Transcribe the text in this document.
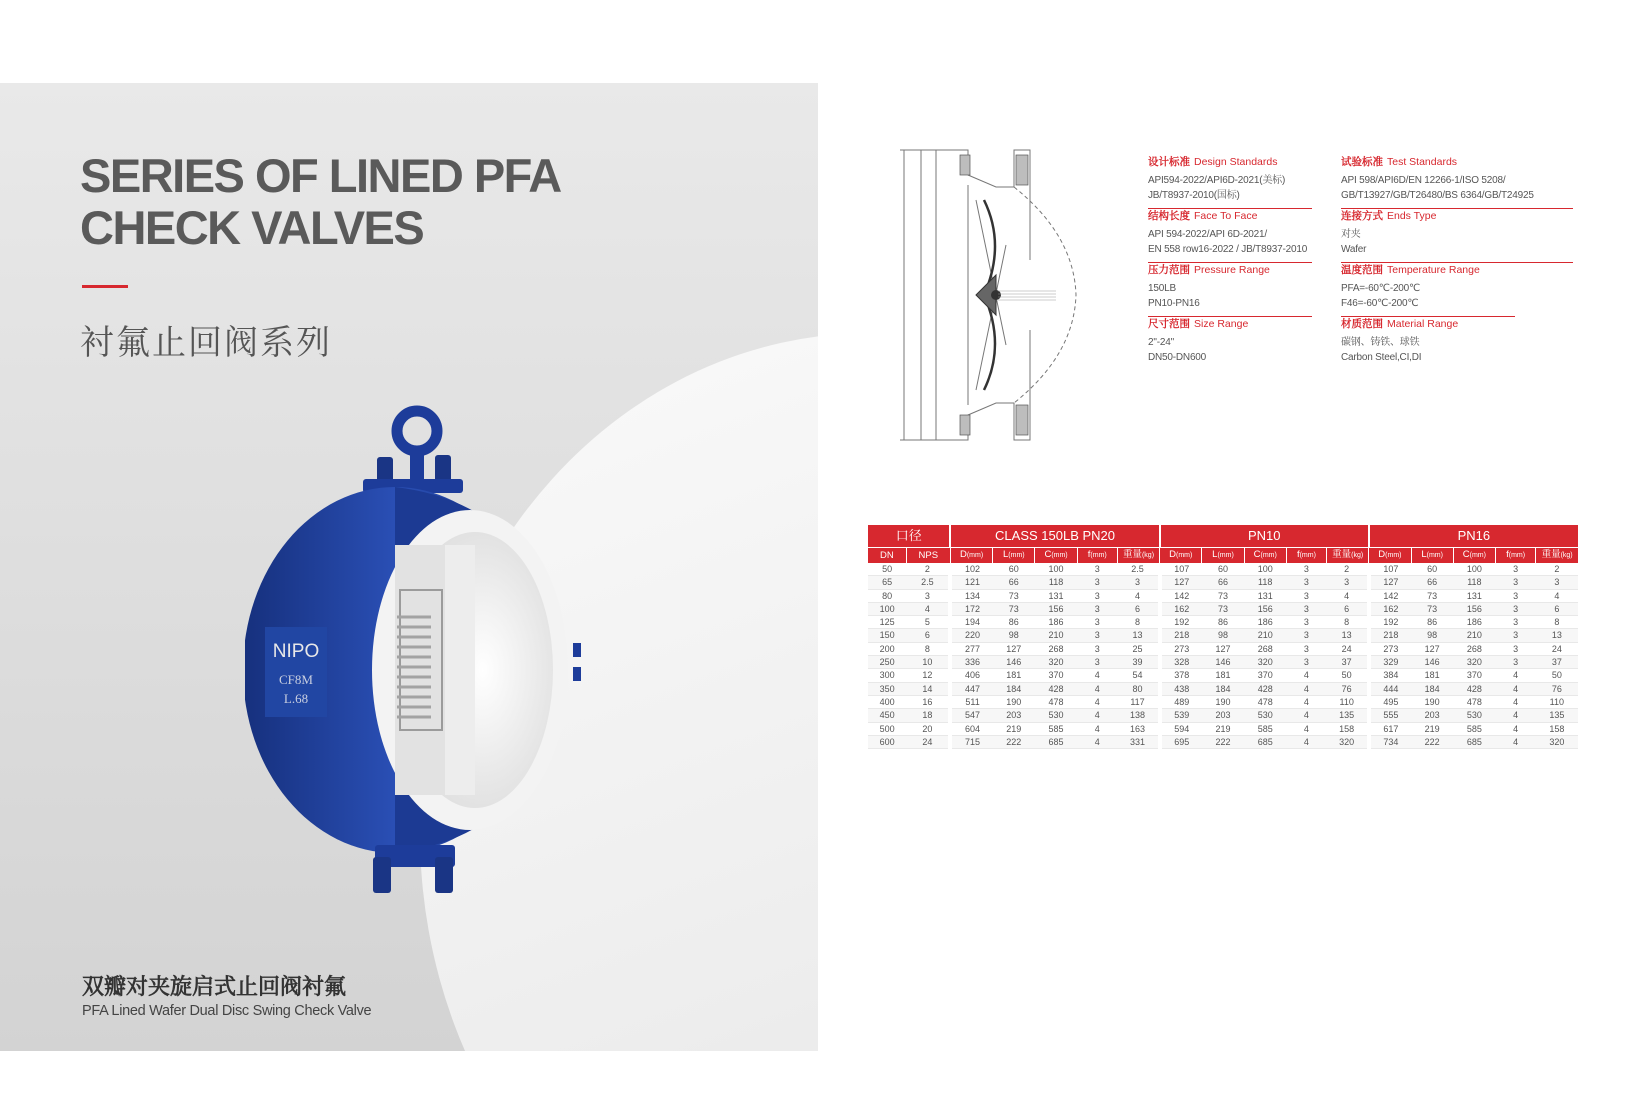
SERIES OF LINED PFA
CHECK VALVES
衬氟止回阀系列
NIPO
CF8M
L.68
双瓣对夹旋启式止回阀衬氟
PFA Lined Wafer Dual Disc Swing Check Valve
设计标准 Design Standards
API594-2022/API6D-2021(美标)
JB/T8937-2010(国标)
结构长度 Face To Face
API 594-2022/API 6D-2021/
EN 558 row16-2022 / JB/T8937-2010
压力范围 Pressure Range
150LB
PN10-PN16
尺寸范围 Size Range
2"-24"
DN50-DN600
试验标准 Test Standards
API 598/API6D/EN 12266-1/ISO 5208/
GB/T13927/GB/T26480/BS 6364/GB/T24925
连接方式 Ends Type
对夹
Wafer
温度范围 Temperature Range
PFA=-60℃-200℃
F46=-60℃-200℃
材质范围 Material Range
碳钢、铸铁、球铁
Carbon Steel,CI,DI
口径		CLASS 150LB PN20					PN10					PN16				
DN	NPS	D(mm)	L(mm)	C(mm)	f(mm)	重量(kg)	D(mm)	L(mm)	C(mm)	f(mm)	重量(kg)	D(mm)	L(mm)	C(mm)	f(mm)	重量(kg)
50	2	102	60	100	3	2.5	107	60	100	3	2	107	60	100	3	2
65	2.5	121	66	118	3	3	127	66	118	3	3	127	66	118	3	3
80	3	134	73	131	3	4	142	73	131	3	4	142	73	131	3	4
100	4	172	73	156	3	6	162	73	156	3	6	162	73	156	3	6
125	5	194	86	186	3	8	192	86	186	3	8	192	86	186	3	8
150	6	220	98	210	3	13	218	98	210	3	13	218	98	210	3	13
200	8	277	127	268	3	25	273	127	268	3	24	273	127	268	3	24
250	10	336	146	320	3	39	328	146	320	3	37	329	146	320	3	37
300	12	406	181	370	4	54	378	181	370	4	50	384	181	370	4	50
350	14	447	184	428	4	80	438	184	428	4	76	444	184	428	4	76
400	16	511	190	478	4	117	489	190	478	4	110	495	190	478	4	110
450	18	547	203	530	4	138	539	203	530	4	135	555	203	530	4	135
500	20	604	219	585	4	163	594	219	585	4	158	617	219	585	4	158
600	24	715	222	685	4	331	695	222	685	4	320	734	222	685	4	320
